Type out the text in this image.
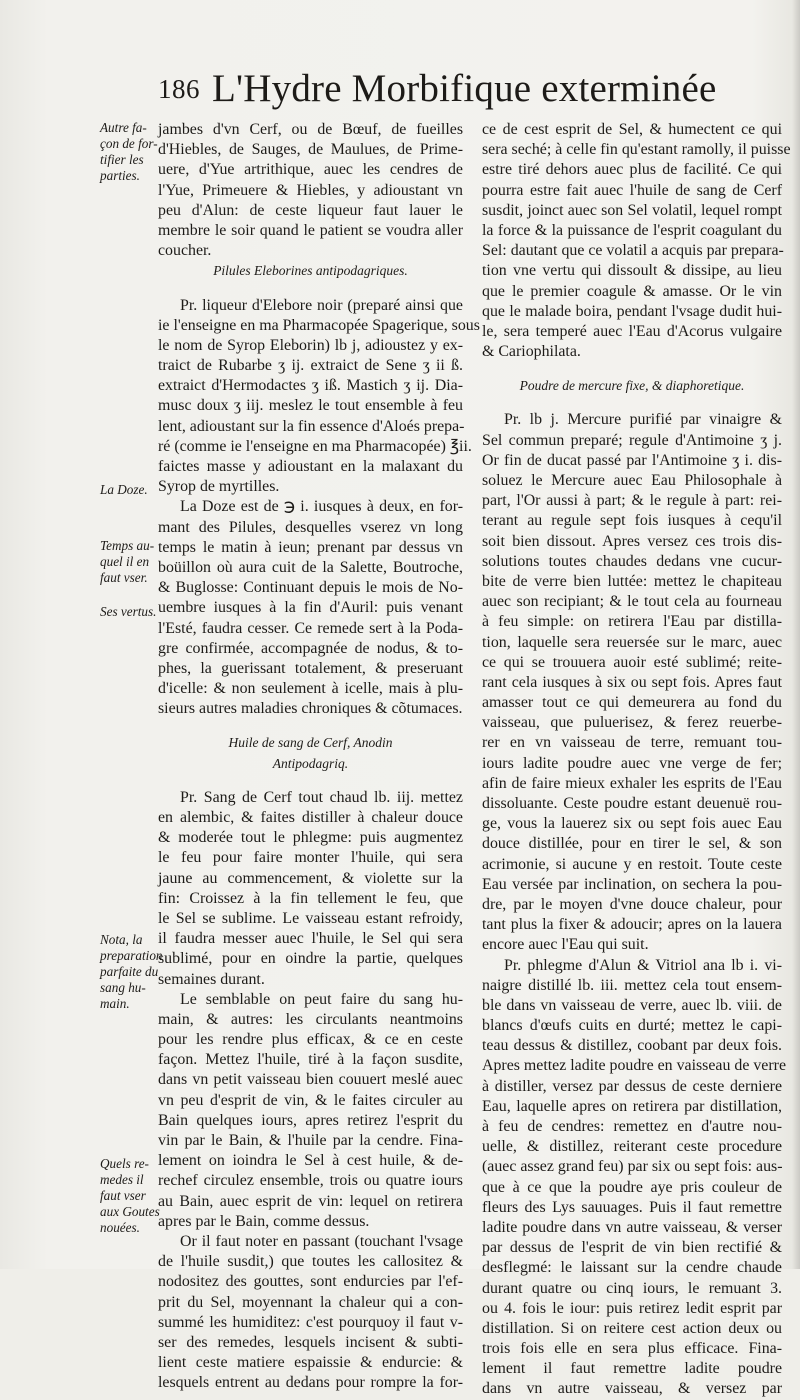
186 L'Hydre Morbifique exterminée
Autre fa-
çon de for-
tifier les
parties.
La Doze.
Temps au-
quel il en
faut vser.
Ses vertus.
Nota, la
preparation
parfaite du
sang hu-
main.
Quels re-
medes il
faut vser
aux Goutes
nouées.
jambes d'vn Cerf, ou de Bœuf, de fueilles
d'Hiebles, de Sauges, de Maulues, de Prime-
uere, d'Yue artrithique, auec les cendres de
l'Yue, Primeuere & Hiebles, y adioustant vn
peu d'Alun: de ceste liqueur faut lauer le
membre le soir quand le patient se voudra aller
coucher.
Pilules Eleborines antipodagriques.
Pr. liqueur d'Elebore noir (preparé ainsi que
ie l'enseigne en ma Pharmacopée Spagerique, sous
le nom de Syrop Eleborin) lb j, adioustez y ex-
traict de Rubarbe ʒ ij. extraict de Sene ʒ ii ß.
extraict d'Hermodactes ʒ iß. Mastich ʒ ij. Dia-
musc doux ʒ iij. meslez le tout ensemble à feu
lent, adioustant sur la fin essence d'Aloés prepa-
ré (comme ie l'enseigne en ma Pharmacopée) ℥ii.
faictes masse y adioustant en la malaxant du
Syrop de myrtilles.
La Doze est de ℈ i. iusques à deux, en for-
mant des Pilules, desquelles vserez vn long
temps le matin à ieun; prenant par dessus vn
boüillon où aura cuit de la Salette, Boutroche,
& Buglosse: Continuant depuis le mois de No-
uembre iusques à la fin d'Auril: puis venant
l'Esté, faudra cesser. Ce remede sert à la Poda-
gre confirmée, accompagnée de nodus, & to-
phes, la guerissant totalement, & preseruant
d'icelle: & non seulement à icelle, mais à plu-
sieurs autres maladies chroniques & cõtumaces.
Huile de sang de Cerf, Anodin
Antipodagriq.
Pr. Sang de Cerf tout chaud lb. iij. mettez
en alembic, & faites distiller à chaleur douce
& moderée tout le phlegme: puis augmentez
le feu pour faire monter l'huile, qui sera
jaune au commencement, & violette sur la
fin: Croissez à la fin tellement le feu, que
le Sel se sublime. Le vaisseau estant refroidy,
il faudra messer auec l'huile, le Sel qui sera
sublimé, pour en oindre la partie, quelques
semaines durant.
Le semblable on peut faire du sang hu-
main, & autres: les circulants neantmoins
pour les rendre plus efficax, & ce en ceste
façon. Mettez l'huile, tiré à la façon susdite,
dans vn petit vaisseau bien couuert meslé auec
vn peu d'esprit de vin, & le faites circuler au
Bain quelques iours, apres retirez l'esprit du
vin par le Bain, & l'huile par la cendre. Fina-
lement on ioindra le Sel à cest huile, & de-
rechef circulez ensemble, trois ou quatre iours
au Bain, auec esprit de vin: lequel on retirera
apres par le Bain, comme dessus.
Or il faut noter en passant (touchant l'vsage
de l'huile susdit,) que toutes les callositez &
nodositez des gouttes, sont endurcies par l'ef-
prit du Sel, moyennant la chaleur qui a con-
summé les humiditez: c'est pourquoy il faut v-
ser des remedes, lesquels incisent & subti-
lient ceste matiere espaissie & endurcie: &
lesquels entrent au dedans pour rompre la for-
ce de cest esprit de Sel, & humectent ce qui
sera seché; à celle fin qu'estant ramolly, il puisse
estre tiré dehors auec plus de facilité. Ce qui
pourra estre fait auec l'huile de sang de Cerf
susdit, joinct auec son Sel volatil, lequel rompt
la force & la puissance de l'esprit coagulant du
Sel: dautant que ce volatil a acquis par prepara-
tion vne vertu qui dissoult & dissipe, au lieu
que le premier coagule & amasse. Or le vin
que le malade boira, pendant l'vsage dudit hui-
le, sera temperé auec l'Eau d'Acorus vulgaire
& Cariophilata.
Poudre de mercure fixe, & diaphoretique.
Pr. lb j. Mercure purifié par vinaigre &
Sel commun preparé; regule d'Antimoine ʒ j.
Or fin de ducat passé par l'Antimoine ʒ i. dis-
soluez le Mercure auec Eau Philosophale à
part, l'Or aussi à part; & le regule à part: rei-
terant au regule sept fois iusques à cequ'il
soit bien dissout. Apres versez ces trois dis-
solutions toutes chaudes dedans vne cucur-
bite de verre bien luttée: mettez le chapiteau
auec son recipiant; & le tout cela au fourneau
à feu simple: on retirera l'Eau par distilla-
tion, laquelle sera reuersée sur le marc, auec
ce qui se trouuera auoir esté sublimé; reite-
rant cela iusques à six ou sept fois. Apres faut
amasser tout ce qui demeurera au fond du
vaisseau, que puluerisez, & ferez reuerbe-
rer en vn vaisseau de terre, remuant tou-
iours ladite poudre auec vne verge de fer;
afin de faire mieux exhaler les esprits de l'Eau
dissoluante. Ceste poudre estant deuenuë rou-
ge, vous la lauerez six ou sept fois auec Eau
douce distillée, pour en tirer le sel, & son
acrimonie, si aucune y en restoit. Toute ceste
Eau versée par inclination, on sechera la pou-
dre, par le moyen d'vne douce chaleur, pour
tant plus la fixer & adoucir; apres on la lauera
encore auec l'Eau qui suit.
Pr. phlegme d'Alun & Vitriol ana lb i. vi-
naigre distillé lb. iii. mettez cela tout ensem-
ble dans vn vaisseau de verre, auec lb. viii. de
blancs d'œufs cuits en durté; mettez le capi-
teau dessus & distillez, coobant par deux fois.
Apres mettez ladite poudre en vaisseau de verre
à distiller, versez par dessus de ceste derniere
Eau, laquelle apres on retirera par distillation,
à feu de cendres: remettez en d'autre nou-
uelle, & distillez, reiterant ceste procedure
(auec assez grand feu) par six ou sept fois: aus-
que à ce que la poudre aye pris couleur de
fleurs des Lys sauuages. Puis il faut remettre
ladite poudre dans vn autre vaisseau, & verser
par dessus de l'esprit de vin bien rectifié &
desflegmé: le laissant sur la cendre chaude
durant quatre ou cinq iours, le remuant 3.
ou 4. fois le iour: puis retirez ledit esprit par
distillation. Si on reitere cest action deux ou
trois fois elle en sera plus efficace. Fina-
lement il faut remettre ladite poudre
dans vn autre vaisseau, & versez par
